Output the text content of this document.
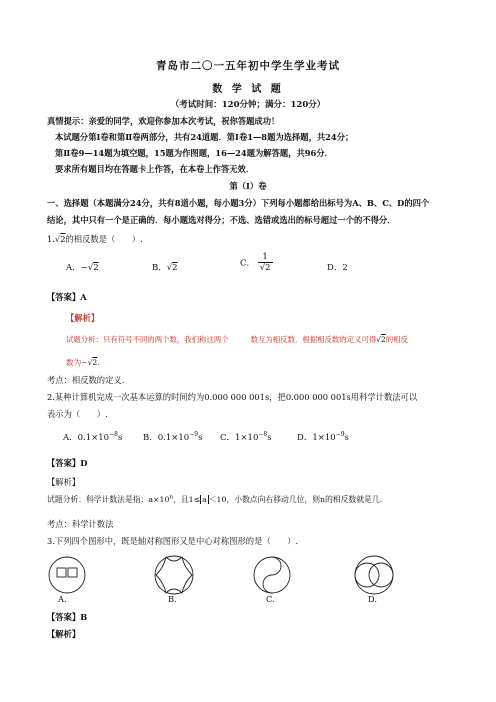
青岛市二〇一五年初中学生学业考试
数 学 试 题
（考试时间：120分钟；满分：120分）
真情提示：亲爱的同学，欢迎你参加本次考试，祝你答题成功！
本试题分第Ⅰ卷和第Ⅱ卷两部分，共有24道题．第Ⅰ卷1—8题为选择题，共24分；
第Ⅱ卷9—14题为填空题，15题为作图题，16—24题为解答题，共96分．
要求所有题目均在答题卡上作答，在本卷上作答无效．
第（Ⅰ）卷
一、选择题（本题满分24分，共有8道小题，每小题3分）下列每小题都给出标号为A、B、C、D的四个
结论，其中只有一个是正确的．每小题选对得分；不选、选错或选出的标号超过一个的不得分．
1.√2的相反数是（　　）.
A．−√2	B．√2	C． $\frac{1}{√2}$	D．2
【答案】A
【解析】
试题分析：只有符号不同的两个数，我们称这两个	数互为相反数．根据相反数的定义可得√2的相反
数为−√2.
考点：相反数的定义.
2.某种计算机完成一次基本运算的时间约为0.000 000 001s，把0.000 000 001s用科学计数法可以
表示为（　　）.
A．$0.1\times 10^{-8}s$ B．$0.1\times 10^{-9}s$ C．$1\times 10^{-8}s$	D．$1\times 10^{-9}s$
【答案】D
【解析】
试题分析：科学计数法是指：$a\times 10^n$，且1≤ a ＜10，小数点向右移动几位，则n的相反数就是几.
考点：科学计数法
3.下列四个图形中，既是轴对称图形又是中心对称图形的是（　　）.
A.	B.	C.	D.
【答案】B
【解析】
